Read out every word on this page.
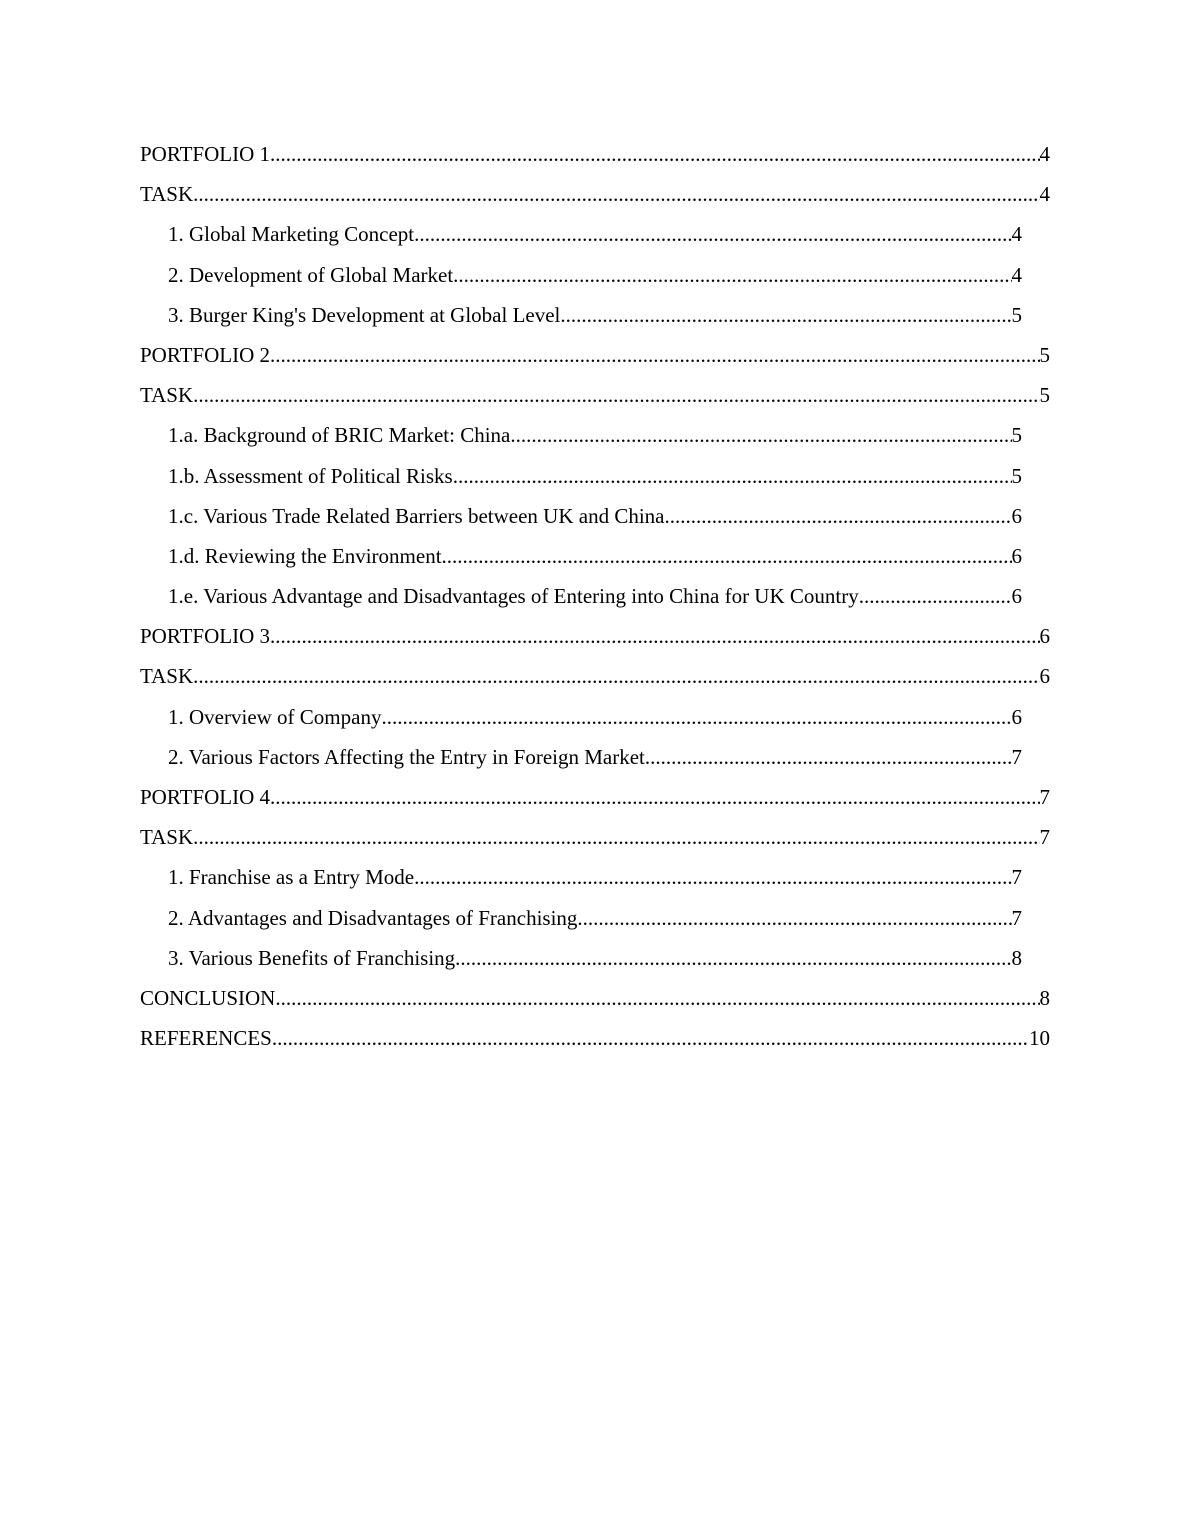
PORTFOLIO 1 .....	4
TASK .....	4
1. Global Marketing Concept .....	4
2. Development of Global Market .....	4
3. Burger King's Development at Global Level .....	5
PORTFOLIO 2 .....	5
TASK .....	5
1.a. Background of BRIC Market: China .....	5
1.b. Assessment of Political Risks .....	5
1.c. Various Trade Related Barriers between UK and China .....	6
1.d. Reviewing the Environment .....	6
1.e. Various Advantage and Disadvantages of Entering into China for UK Country .....	6
PORTFOLIO 3 .....	6
TASK .....	6
1. Overview of Company .....	6
2. Various Factors Affecting the Entry in Foreign Market .....	7
PORTFOLIO 4 .....	7
TASK .....	7
1. Franchise as a Entry Mode .....	7
2. Advantages and Disadvantages of Franchising .....	7
3. Various Benefits of Franchising .....	8
CONCLUSION .....	8
REFERENCES .....	10
